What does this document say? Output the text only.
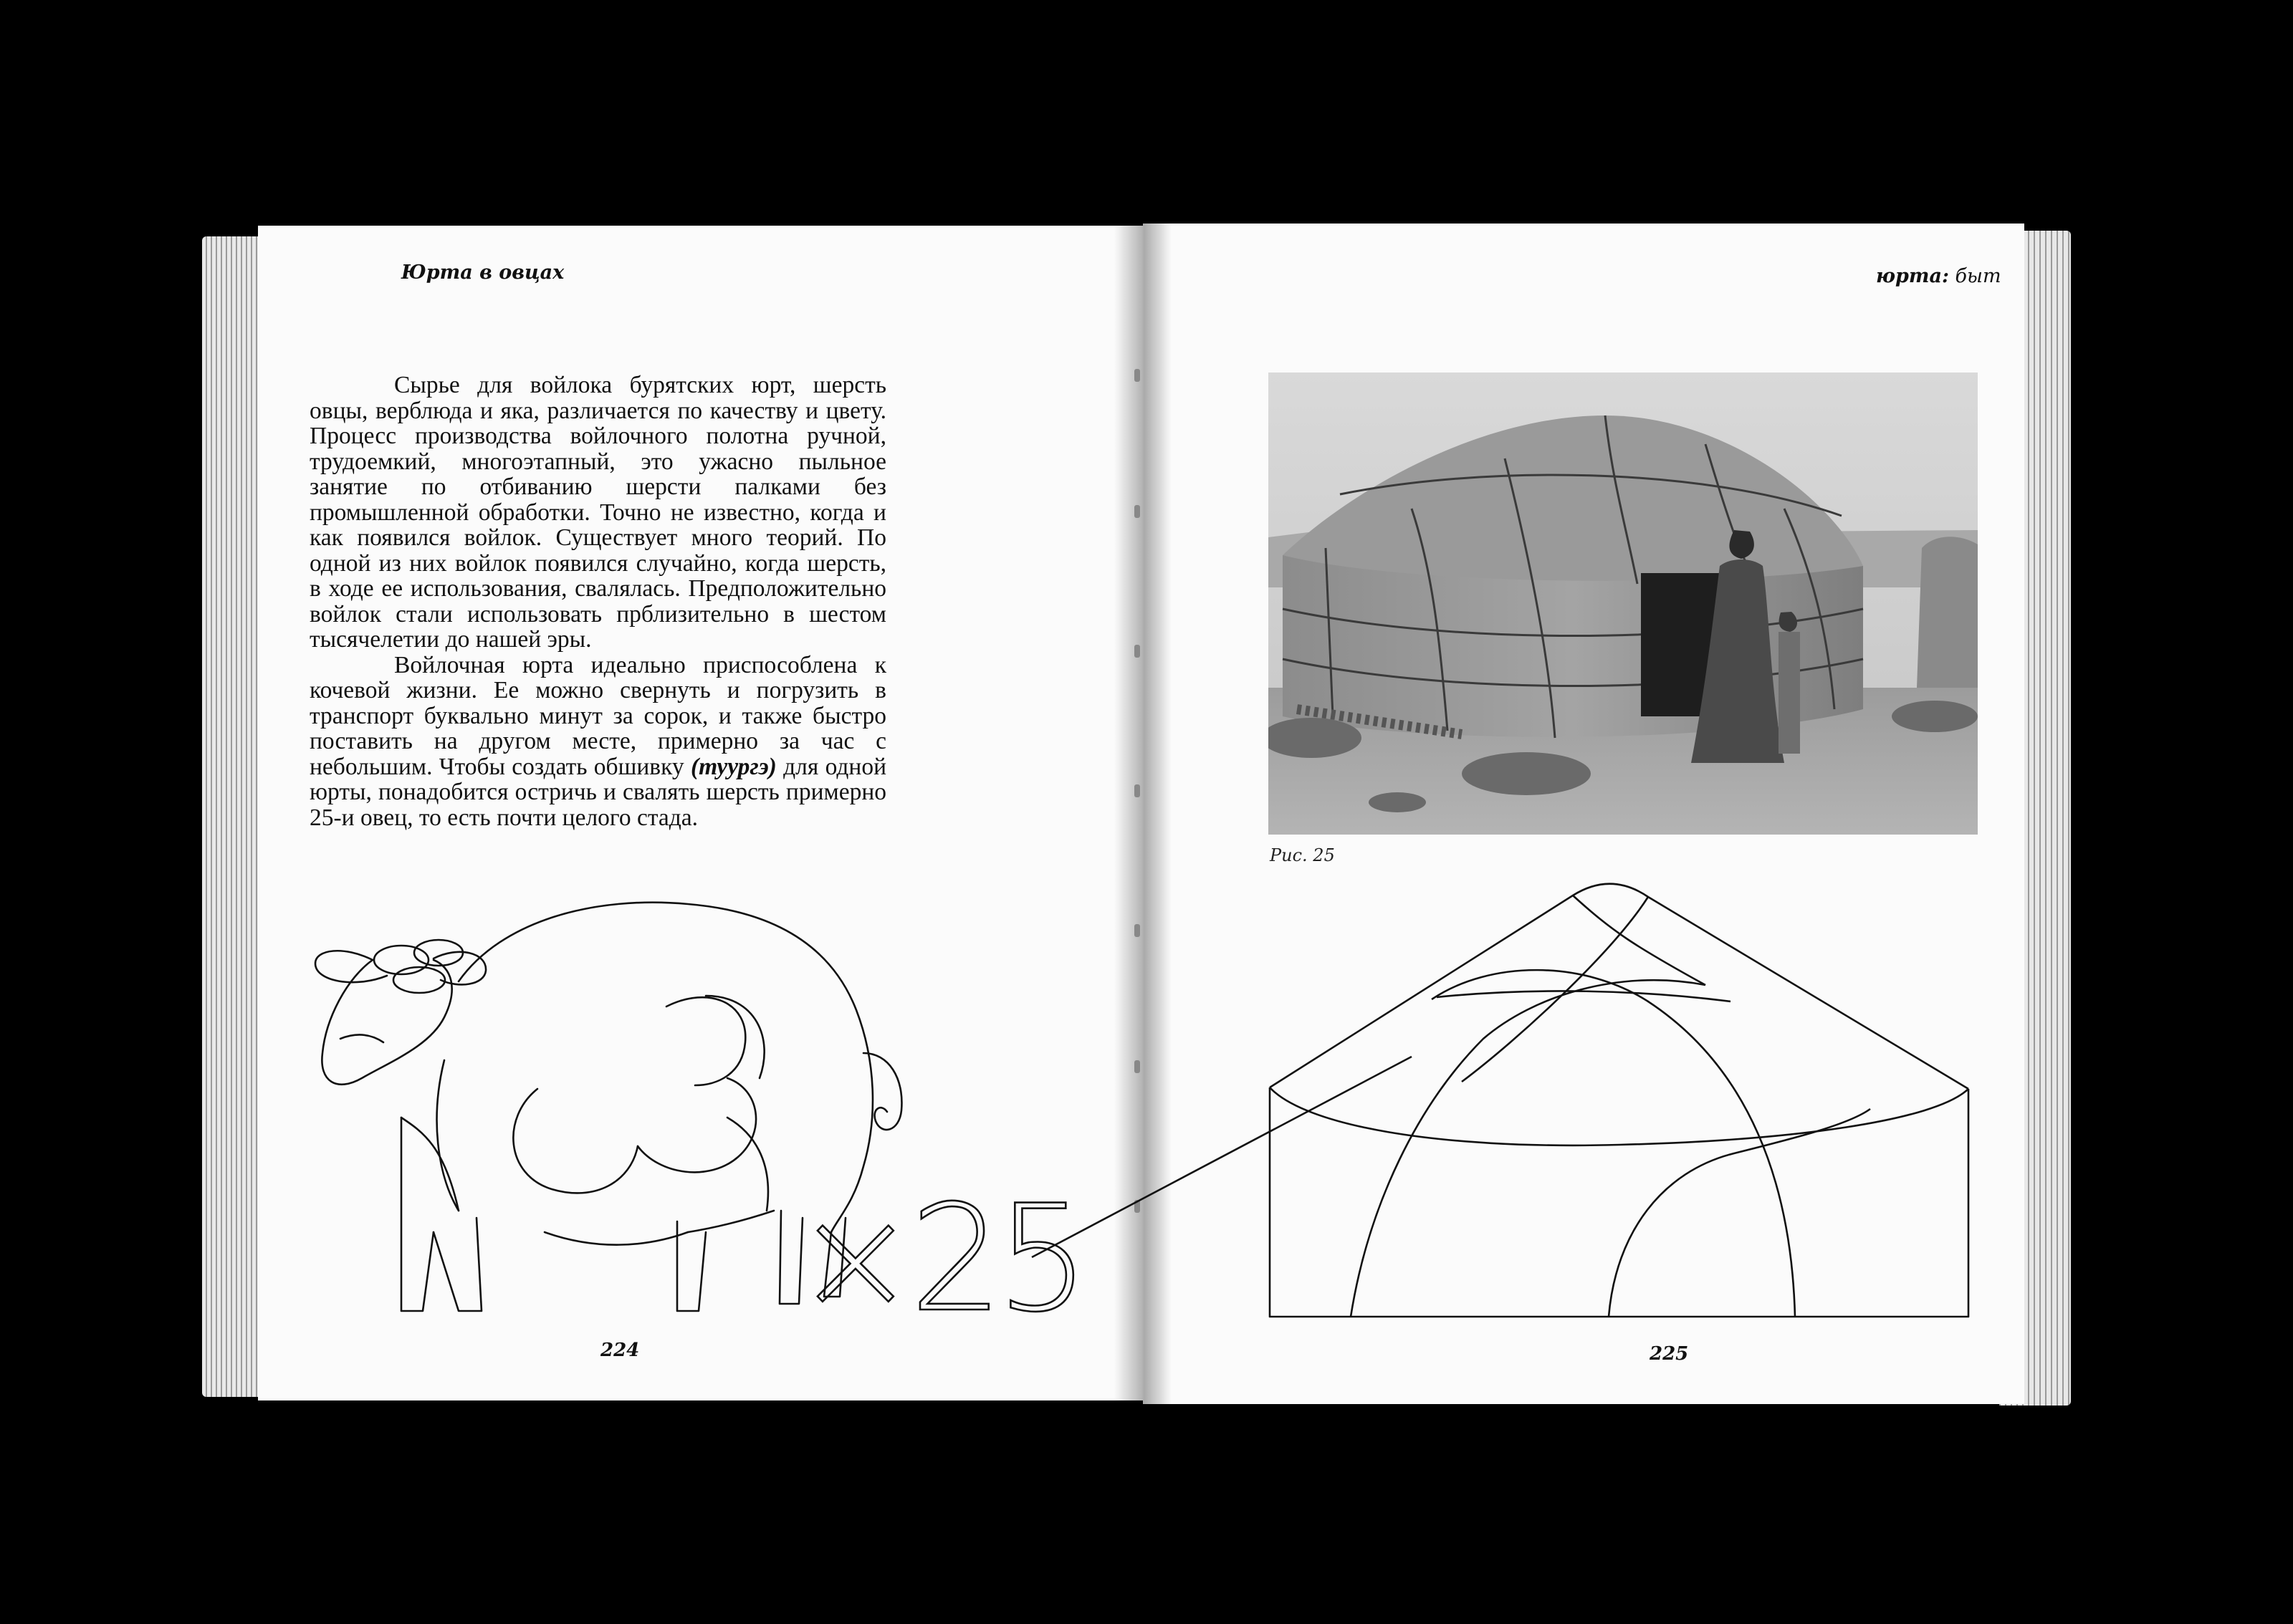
Юрта в овцах

Сырье для войлока бурятских юрт, шерсть овцы, верблюда и яка, различается по качеству и цвету. Процесс производства войлочного полотна ручной, трудоемкий, многоэтапный, это ужасно пыльное занятие по отбиванию шерсти палками без промышленной обработки. Точно не известно, когда и как появился войлок. Существует много теорий. По одной из них войлок появился случайно, когда шерсть, в ходе ее использования, свалялась. Предположительно войлок стали использовать прблизительно в шестом тысячелетии до нашей эры.

Войлочная юрта идеально приспособлена к кочевой жизни. Ее можно свернуть и погрузить в транспорт буквально минут за сорок, и также быстро поставить на другом месте, примерно за час с небольшим. Чтобы создать обшивку (туургэ) для одной юрты, понадобится остричь и свалять шерсть примерно 25-и овец, то есть почти целого стада.

×25
224
юрта: быт
Рис. 25
225
